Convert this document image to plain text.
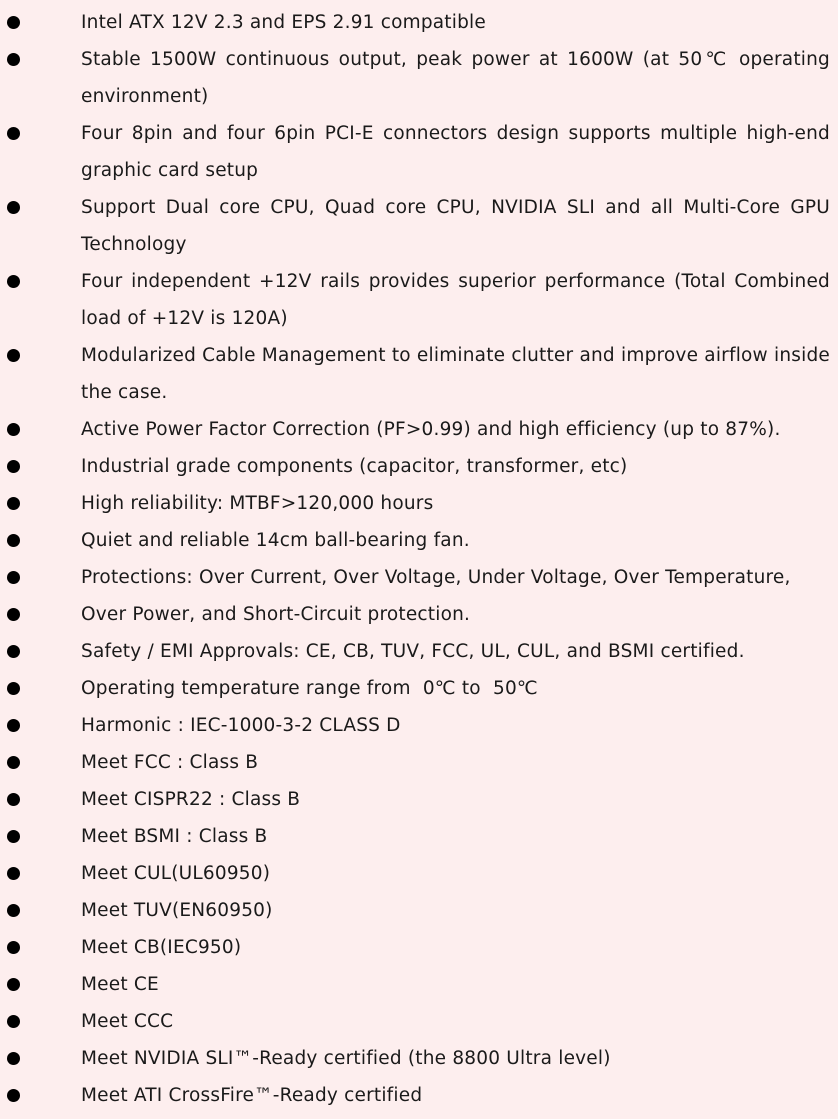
Intel ATX 12V 2.3 and EPS 2.91 compatible
Stable 1500W continuous output, peak power at 1600W (at 50℃ operating environment)
Four 8pin and four 6pin PCI-E connectors design supports multiple high-end graphic card setup
Support Dual core CPU, Quad core CPU, NVIDIA SLI and all Multi-Core GPU Technology
Four independent +12V rails provides superior performance (Total Combined load of +12V is 120A)
Modularized Cable Management to eliminate clutter and improve airflow inside the case.
Active Power Factor Correction (PF>0.99) and high efficiency (up to 87%).
Industrial grade components (capacitor, transformer, etc)
High reliability: MTBF>120,000 hours
Quiet and reliable 14cm ball-bearing fan.
Protections: Over Current, Over Voltage, Under Voltage, Over Temperature,
Over Power, and Short-Circuit protection.
Safety / EMI Approvals: CE, CB, TUV, FCC, UL, CUL, and BSMI certified.
Operating temperature range from  0℃ to  50℃
Harmonic : IEC-1000-3-2 CLASS D
Meet FCC : Class B
Meet CISPR22 : Class B
Meet BSMI : Class B
Meet CUL(UL60950)
Meet TUV(EN60950)
Meet CB(IEC950)
Meet CE
Meet CCC
Meet NVIDIA SLI™-Ready certified (the 8800 Ultra level)
Meet ATI CrossFire™-Ready certified
